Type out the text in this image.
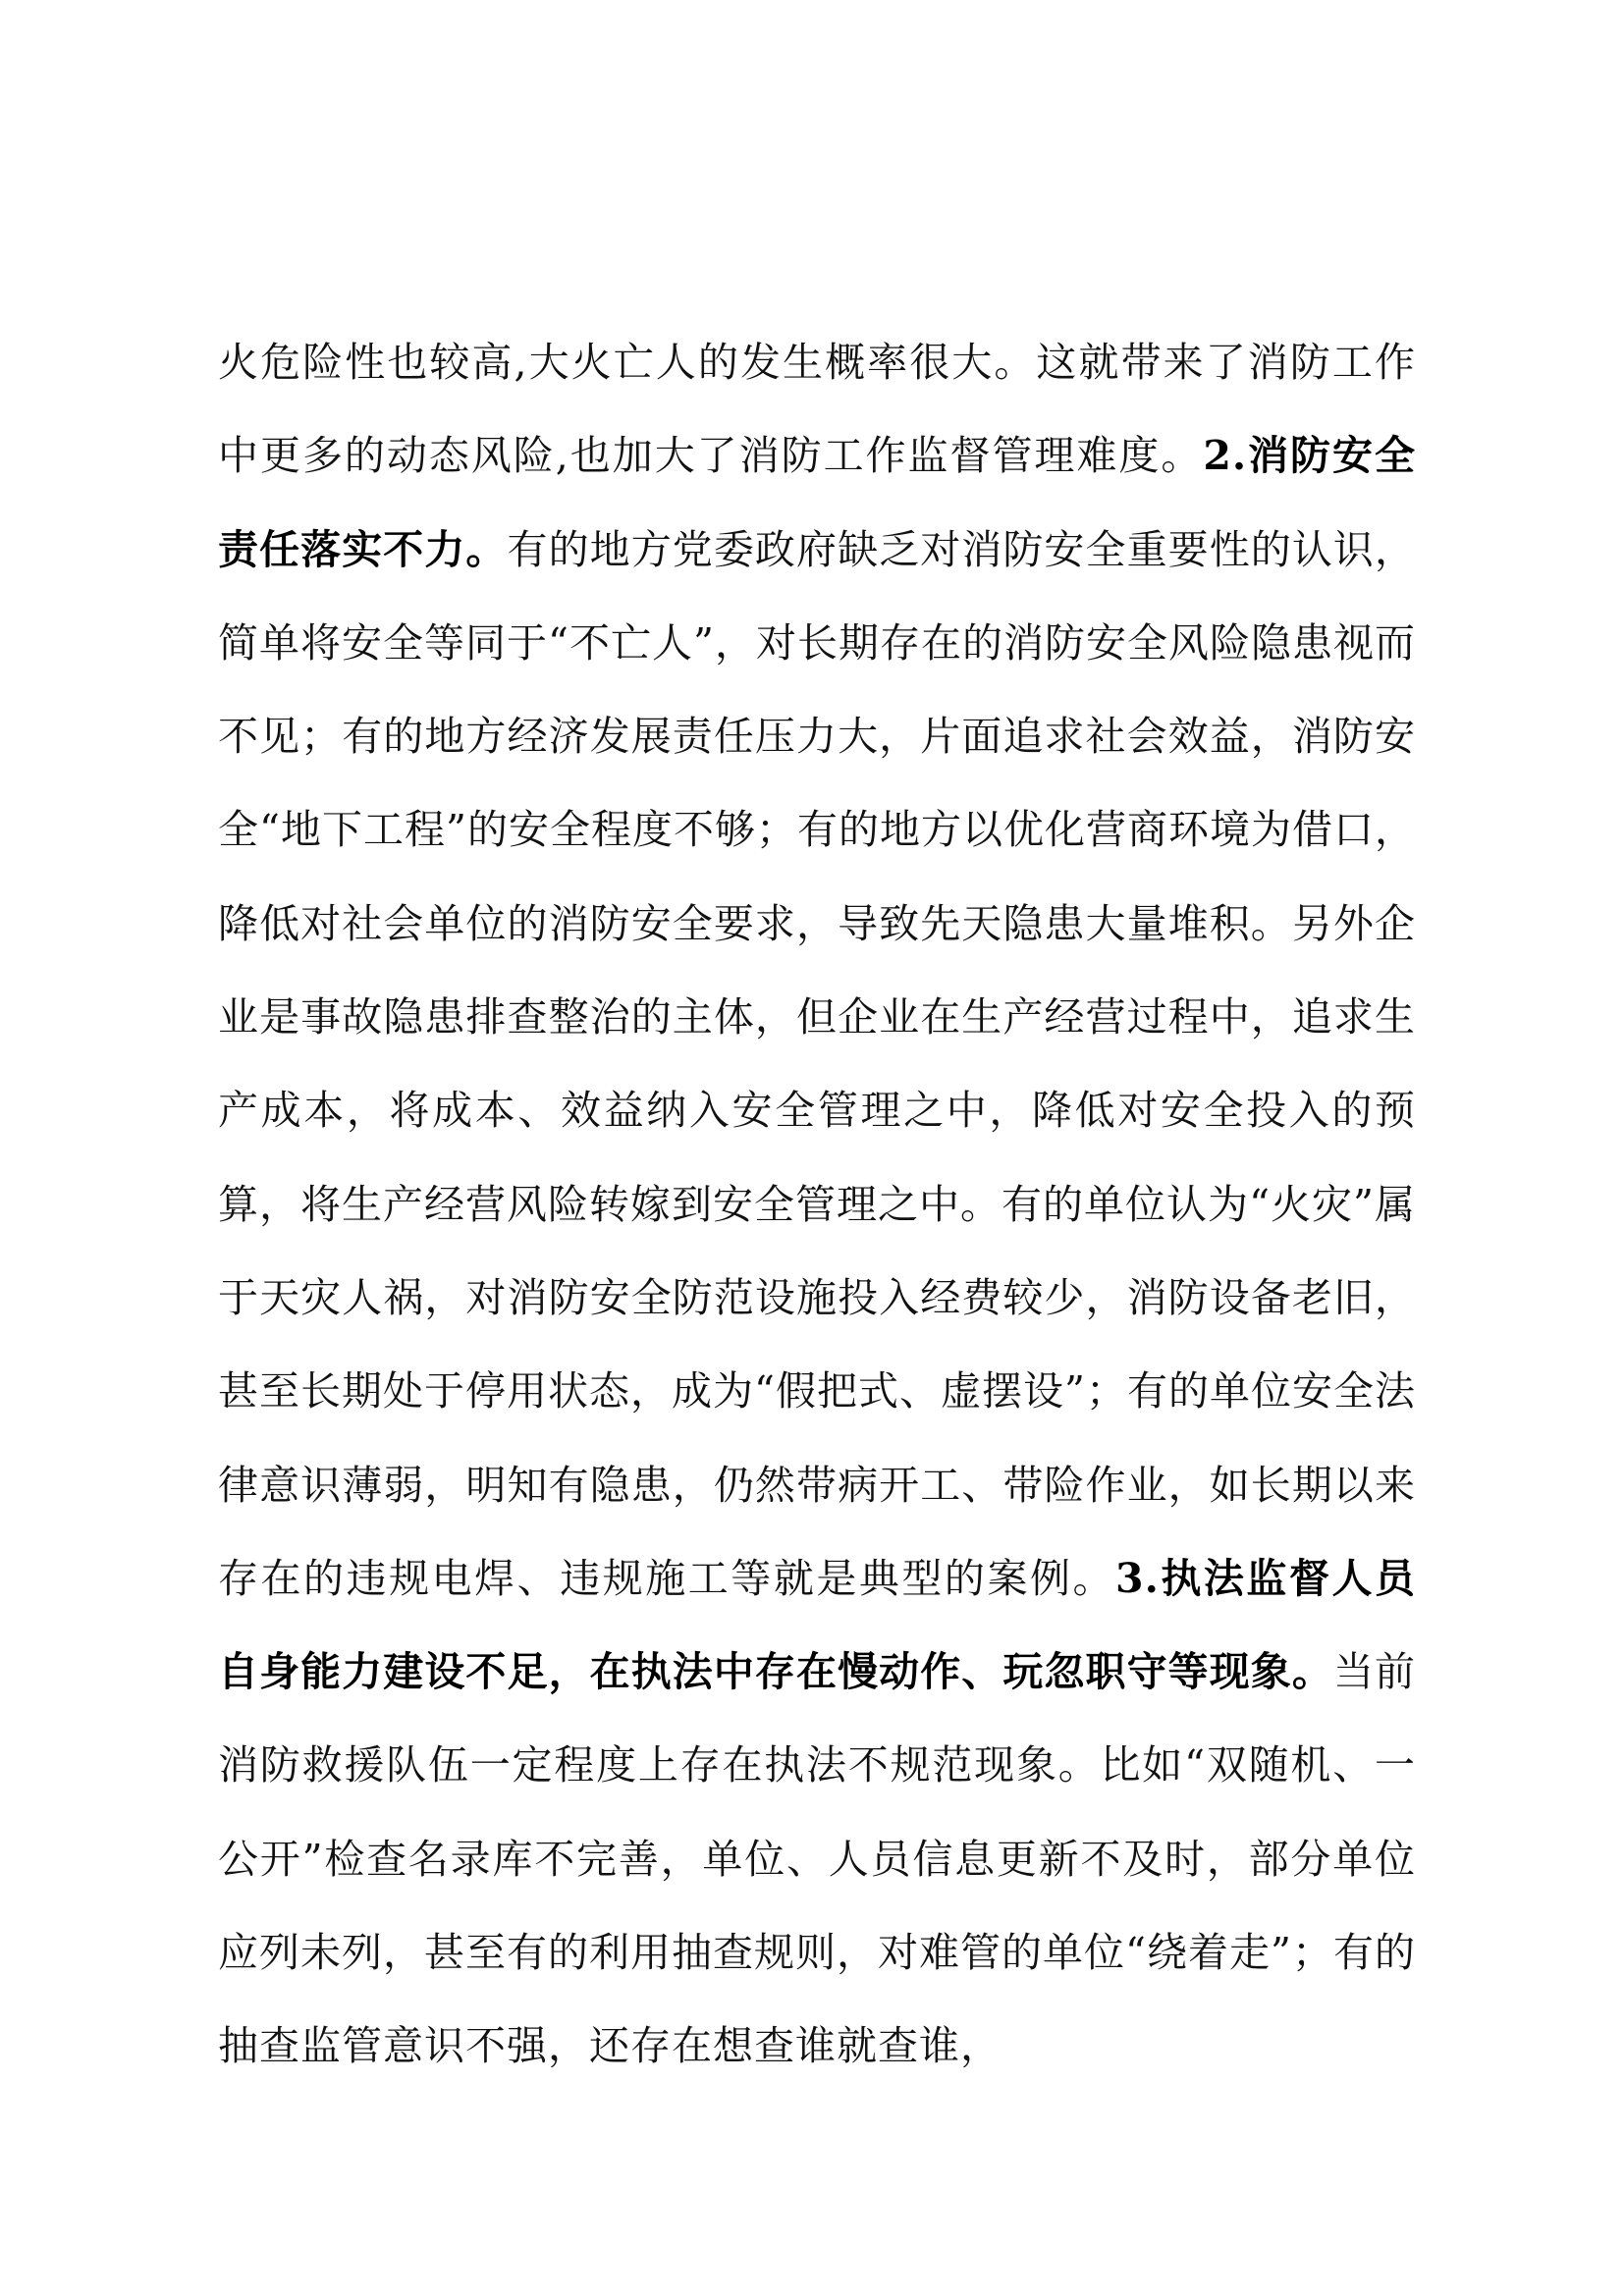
火危险性也较高,大火亡人的发生概率很大。这就带来了消防工作中更多的动态风险,也加大了消防工作监督管理难度。2.消防安全责任落实不力。有的地方党委政府缺乏对消防安全重要性的认识，简单将安全等同于“不亡人”，对长期存在的消防安全风险隐患视而不见；有的地方经济发展责任压力大，片面追求社会效益，消防安全“地下工程”的安全程度不够；有的地方以优化营商环境为借口，降低对社会单位的消防安全要求，导致先天隐患大量堆积。另外企业是事故隐患排查整治的主体，但企业在生产经营过程中，追求生产成本，将成本、效益纳入安全管理之中，降低对安全投入的预算，将生产经营风险转嫁到安全管理之中。有的单位认为“火灾”属于天灾人祸，对消防安全防范设施投入经费较少，消防设备老旧，甚至长期处于停用状态，成为“假把式、虚摆设”；有的单位安全法律意识薄弱，明知有隐患，仍然带病开工、带险作业，如长期以来存在的违规电焊、违规施工等就是典型的案例。3.执法监督人员自身能力建设不足，在执法中存在慢动作、玩忽职守等现象。当前消防救援队伍一定程度上存在执法不规范现象。比如“双随机、一公开”检查名录库不完善，单位、人员信息更新不及时，部分单位应列未列，甚至有的利用抽查规则，对难管的单位“绕着走”；有的抽查监管意识不强，还存在想查谁就查谁，
